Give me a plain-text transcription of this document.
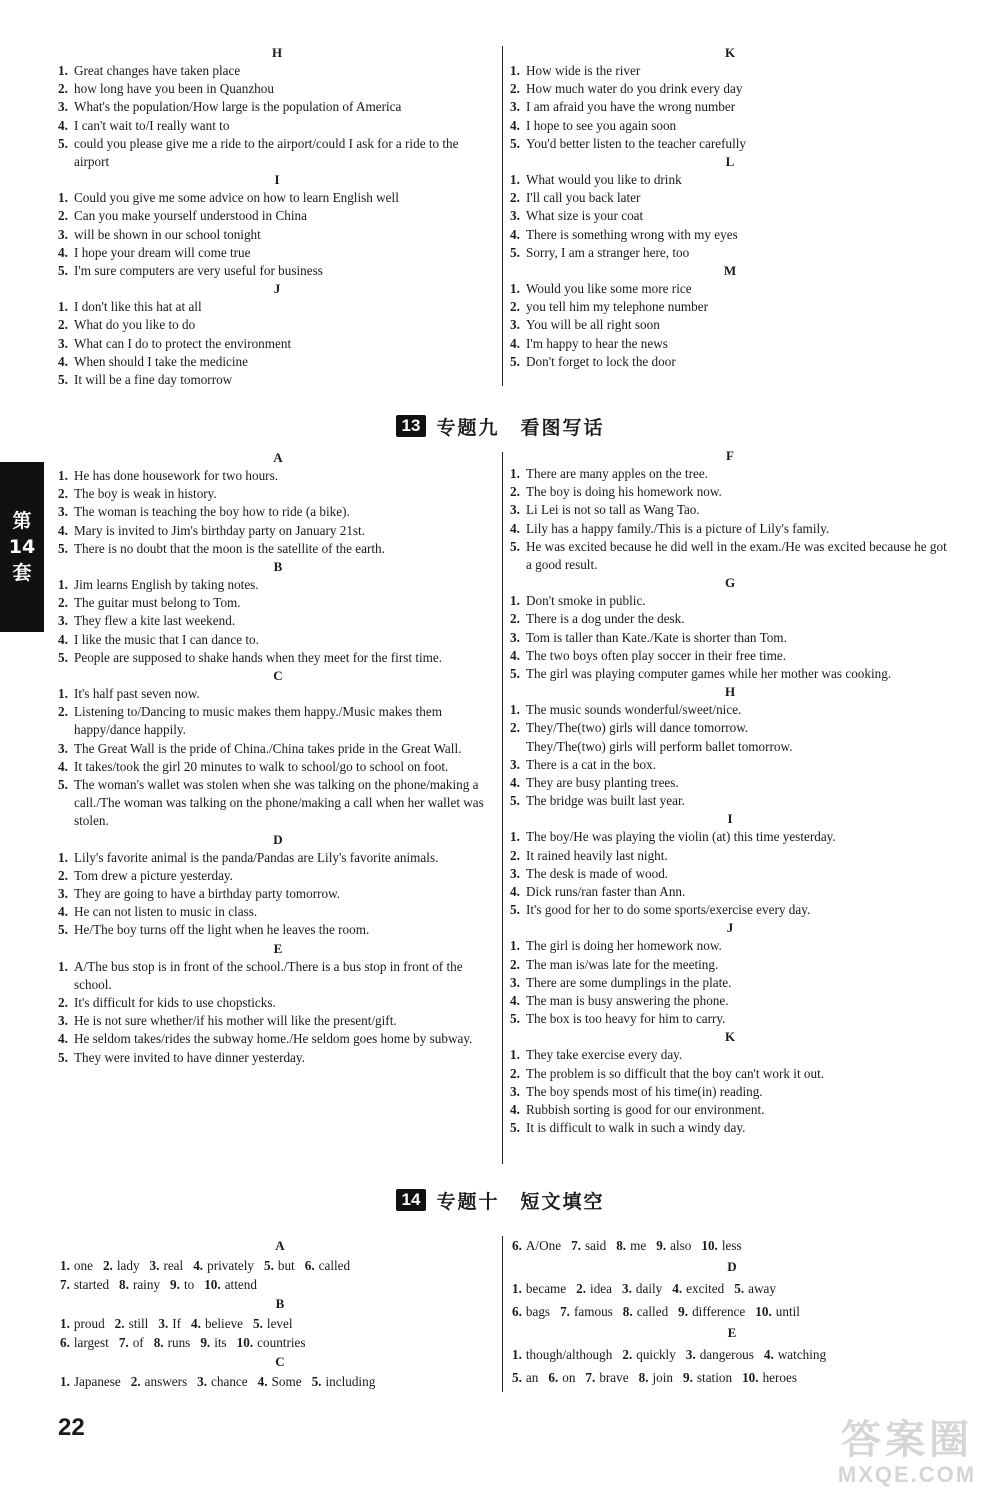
第
14
套
H
1. Great changes have taken place
2. how long have you been in Quanzhou
3. What's the population/How large is the population of America
4. I can't wait to/I really want to
5. could you please give me a ride to the airport/could I ask for a ride to the airport
I
1. Could you give me some advice on how to learn English well
2. Can you make yourself understood in China
3. will be shown in our school tonight
4. I hope your dream will come true
5. I'm sure computers are very useful for business
J
1. I don't like this hat at all
2. What do you like to do
3. What can I do to protect the environment
4. When should I take the medicine
5. It will be a fine day tomorrow
K
1. How wide is the river
2. How much water do you drink every day
3. I am afraid you have the wrong number
4. I hope to see you again soon
5. You'd better listen to the teacher carefully
L
1. What would you like to drink
2. I'll call you back later
3. What size is your coat
4. There is something wrong with my eyes
5. Sorry, I am a stranger here, too
M
1. Would you like some more rice
2. you tell him my telephone number
3. You will be all right soon
4. I'm happy to hear the news
5. Don't forget to lock the door
13 专题九　看图写话
A
1. He has done housework for two hours.
2. The boy is weak in history.
3. The woman is teaching the boy how to ride (a bike).
4. Mary is invited to Jim's birthday party on January 21st.
5. There is no doubt that the moon is the satellite of the earth.
B
1. Jim learns English by taking notes.
2. The guitar must belong to Tom.
3. They flew a kite last weekend.
4. I like the music that I can dance to.
5. People are supposed to shake hands when they meet for the first time.
C
1. It's half past seven now.
2. Listening to/Dancing to music makes them happy./Music makes them happy/dance happily.
3. The Great Wall is the pride of China./China takes pride in the Great Wall.
4. It takes/took the girl 20 minutes to walk to school/go to school on foot.
5. The woman's wallet was stolen when she was talking on the phone/making a call./The woman was talking on the phone/making a call when her wallet was stolen.
D
1. Lily's favorite animal is the panda/Pandas are Lily's favorite animals.
2. Tom drew a picture yesterday.
3. They are going to have a birthday party tomorrow.
4. He can not listen to music in class.
5. He/The boy turns off the light when he leaves the room.
E
1. A/The bus stop is in front of the school./There is a bus stop in front of the school.
2. It's difficult for kids to use chopsticks.
3. He is not sure whether/if his mother will like the present/gift.
4. He seldom takes/rides the subway home./He seldom goes home by subway.
5. They were invited to have dinner yesterday.
F
1. There are many apples on the tree.
2. The boy is doing his homework now.
3. Li Lei is not so tall as Wang Tao.
4. Lily has a happy family./This is a picture of Lily's family.
5. He was excited because he did well in the exam./He was excited because he got a good result.
G
1. Don't smoke in public.
2. There is a dog under the desk.
3. Tom is taller than Kate./Kate is shorter than Tom.
4. The two boys often play soccer in their free time.
5. The girl was playing computer games while her mother was cooking.
H
1. The music sounds wonderful/sweet/nice.
2. They/The(two) girls will dance tomorrow.
They/The(two) girls will perform ballet tomorrow.
3. There is a cat in the box.
4. They are busy planting trees.
5. The bridge was built last year.
I
1. The boy/He was playing the violin (at) this time yesterday.
2. It rained heavily last night.
3. The desk is made of wood.
4. Dick runs/ran faster than Ann.
5. It's good for her to do some sports/exercise every day.
J
1. The girl is doing her homework now.
2. The man is/was late for the meeting.
3. There are some dumplings in the plate.
4. The man is busy answering the phone.
5. The box is too heavy for him to carry.
K
1. They take exercise every day.
2. The problem is so difficult that the boy can't work it out.
3. The boy spends most of his time(in) reading.
4. Rubbish sorting is good for our environment.
5. It is difficult to walk in such a windy day.
14 专题十　短文填空
A
1. one 2. lady 3. real 4. privately 5. but 6. called
7. started 8. rainy 9. to 10. attend
B
1. proud 2. still 3. If 4. believe 5. level
6. largest 7. of 8. runs 9. its 10. countries
C
1. Japanese 2. answers 3. chance 4. Some 5. including
6. A/One 7. said 8. me 9. also 10. less
D
1. became 2. idea 3. daily 4. excited 5. away
6. bags 7. famous 8. called 9. difference 10. until
E
1. though/although 2. quickly 3. dangerous 4. watching
5. an 6. on 7. brave 8. join 9. station 10. heroes
22	答案圈
MXQE.COM
